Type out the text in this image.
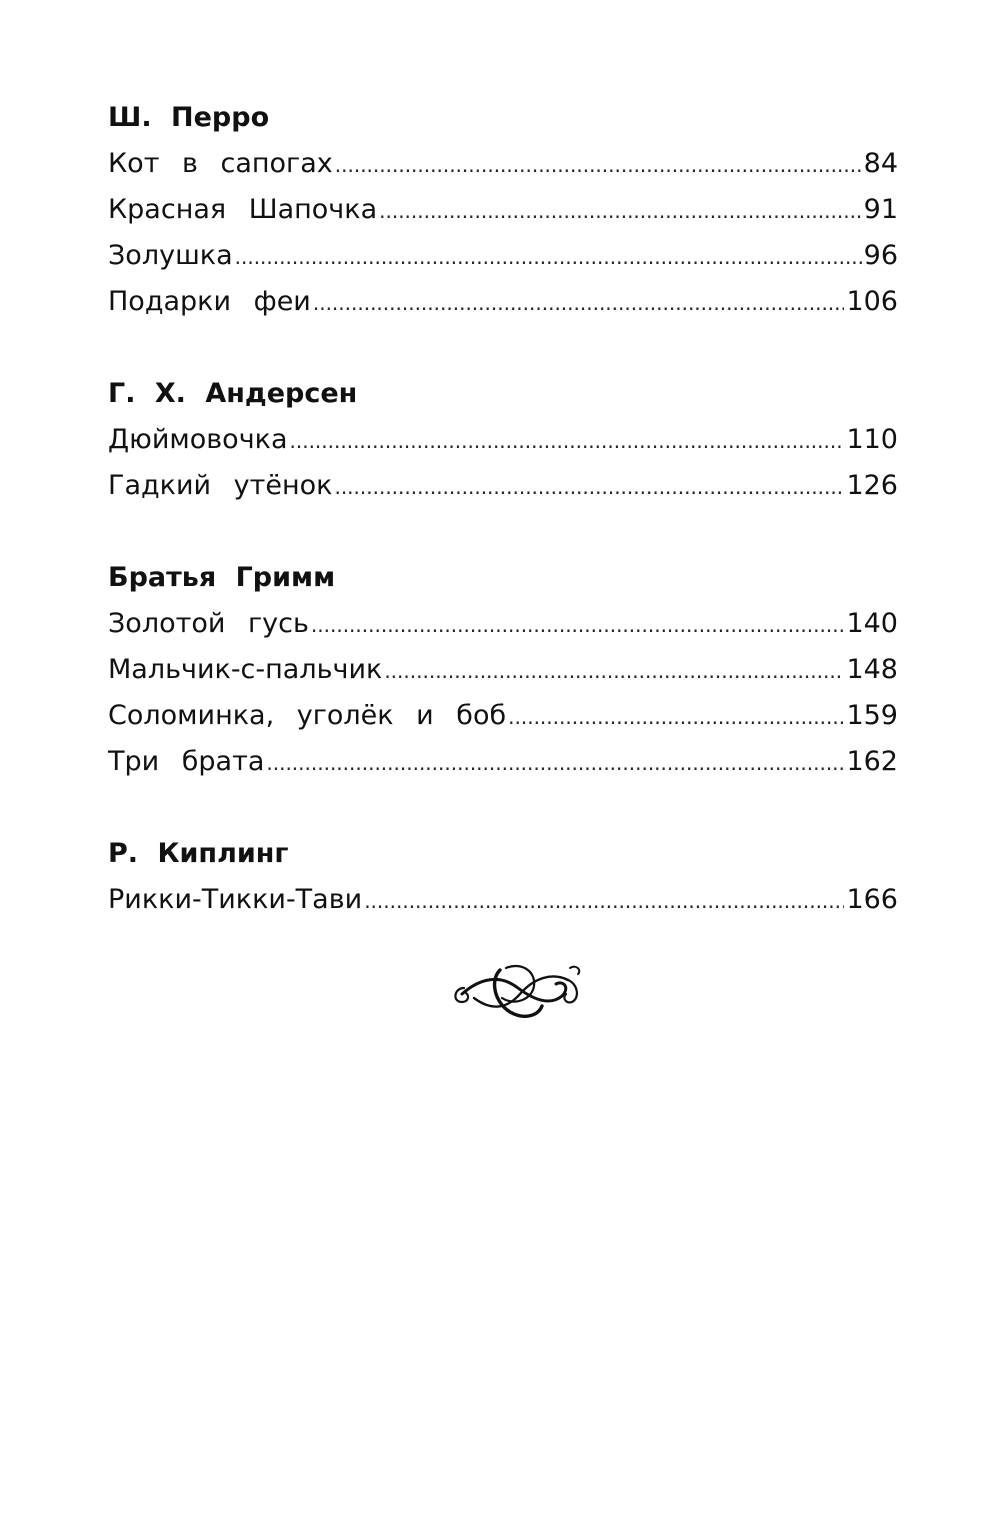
Ш. Перро
Кот в сапогах .....	84
Красная Шапочка .....	91
Золушка .....	96
Подарки феи .....	106
Г. Х. Андерсен
Дюймовочка .....	110
Гадкий утёнок .....	126
Братья Гримм
Золотой гусь .....	140
Мальчик-с-пальчик .....	148
Соломинка, уголёк и боб .....	159
Три брата .....	162
Р. Киплинг
Рикки-Тикки-Тави .....	166
